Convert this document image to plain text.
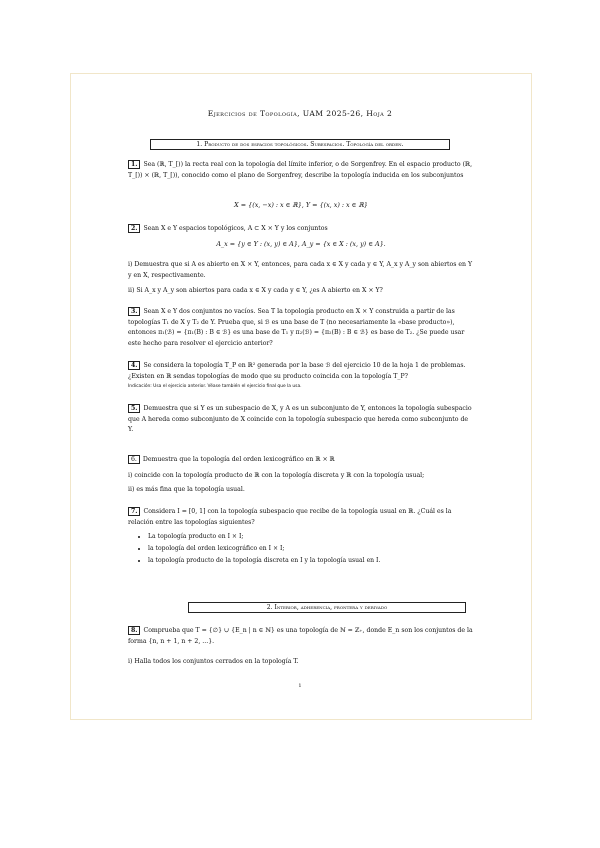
Ejercicios de Topología, UAM 2025-26, Hoja 2
1. Producto de dos espacios topológicos. Subespacios. Topología del orden.
1. Sea (ℝ, T_[)) la recta real con la topología del límite inferior, o de Sorgenfrey. En el espacio producto (ℝ, T_[)) × (ℝ, T_[)), conocido como el plano de Sorgenfrey, describe la topología inducida en los subconjuntos
X = {(x, −x) : x ∈ ℝ}, Y = {(x, x) : x ∈ ℝ}
2. Sean X e Y espacios topológicos, A ⊂ X × Y y los conjuntos
A_x = {y ∈ Y : (x, y) ∈ A}, A_y = {x ∈ X : (x, y) ∈ A}.
i) Demuestra que si A es abierto en X × Y, entonces, para cada x ∈ X y cada y ∈ Y, A_x y A_y son abiertos en Y y en X, respectivamente.
ii) Si A_x y A_y son abiertos para cada x ∈ X y cada y ∈ Y, ¿es A abierto en X × Y?
3. Sean X e Y dos conjuntos no vacíos. Sea T la topología producto en X × Y construida a partir de las topologías T₁ de X y T₂ de Y. Prueba que, si ℬ es una base de T (no necesariamente la «base producto»), entonces π₁(ℬ) = {π₁(B) : B ∈ ℬ} es una base de T₁ y π₂(ℬ) = {π₂(B) : B ∈ ℬ} es base de T₂. ¿Se puede usar este hecho para resolver el ejercicio anterior?
4. Se considera la topología T_P en ℝ² generada por la base ℬ del ejercicio 10 de la hoja 1 de problemas. ¿Existen en ℝ sendas topologías de modo que su producto coincida con la topología T_P?
Indicación: Usa el ejercicio anterior. Véase también el ejercicio final que la usa.
5. Demuestra que si Y es un subespacio de X, y A es un subconjunto de Y, entonces la topología subespacio que A hereda como subconjunto de X coincide con la topología subespacio que hereda como subconjunto de Y.
6. Demuestra que la topología del orden lexicográfico en ℝ × ℝ
i) coincide con la topología producto de ℝ con la topología discreta y ℝ con la topología usual;
ii) es más fina que la topología usual.
7. Considera I = [0, 1] con la topología subespacio que recibe de la topología usual en ℝ. ¿Cuál es la relación entre las topologías siguientes?
• La topología producto en I × I;
• la topología del orden lexicográfico en I × I;
• la topología producto de la topología discreta en I y la topología usual en I.
2. Interior, adherencia, frontera y derivado
8. Comprueba que T = {∅} ∪ {E_n | n ∈ ℕ} es una topología de ℕ = ℤ₊, donde E_n son los conjuntos de la forma {n, n + 1, n + 2, ...}.
i) Halla todos los conjuntos cerrados en la topología T.
1
